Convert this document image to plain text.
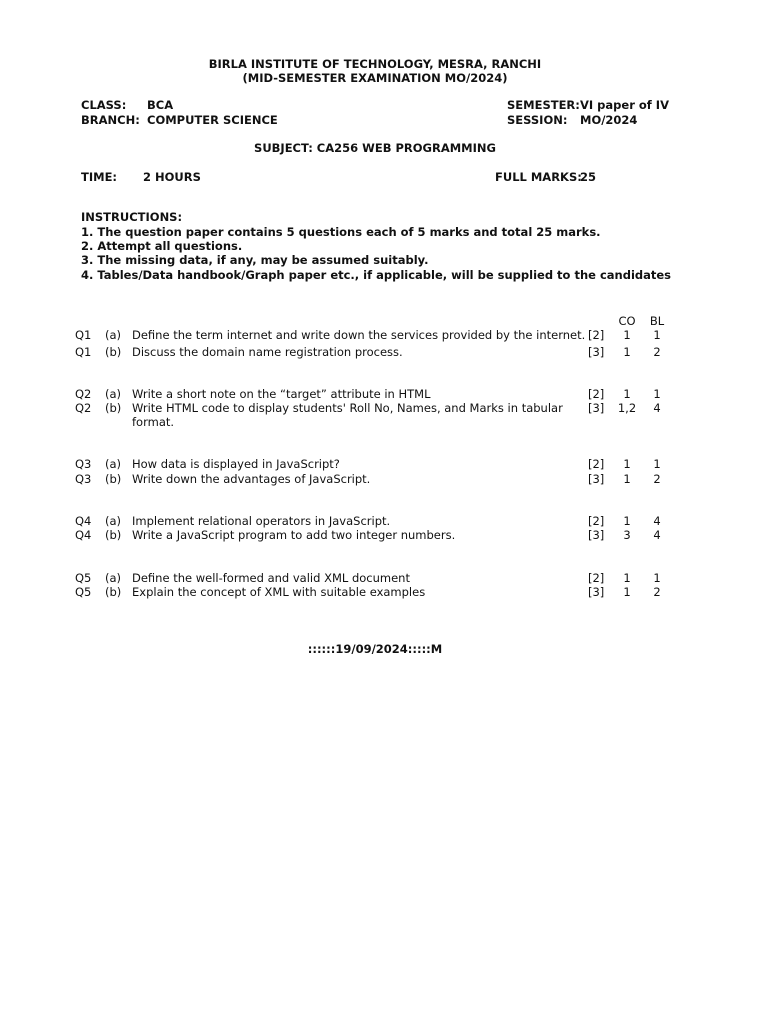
BIRLA INSTITUTE OF TECHNOLOGY, MESRA, RANCHI
(MID-SEMESTER EXAMINATION MO/2024)
CLASS: BCA
BRANCH: COMPUTER SCIENCE
SEMESTER: VI paper of IV
SESSION: MO/2024
SUBJECT: CA256 WEB PROGRAMMING
TIME: 2 HOURS	FULL MARKS:
25
INSTRUCTIONS:
1. The question paper contains 5 questions each of 5 marks and total 25 marks.
2. Attempt all questions.
3. The missing data, if any, may be assumed suitably.
4. Tables/Data handbook/Graph paper etc., if applicable, will be supplied to the candidates
CO	BL
Q1 (a) Define the term internet and write down the services provided by the internet. [2]	1	1
Q1 (b) Discuss the domain name registration process.	[3]	1	2
Q2 (a) Write a short note on the “target” attribute in HTML	[2]	1	1
Q2 (b) Write HTML code to display students' Roll No, Names, and Marks in tabular
format.
[3]	1,2	4
Q3 (a) How data is displayed in JavaScript?	[2]	1	1
Q3 (b) Write down the advantages of JavaScript.	[3]	1	2
Q4 (a) Implement relational operators in JavaScript.	[2]	1	4
Q4 (b) Write a JavaScript program to add two integer numbers.	[3]	3	4
Q5 (a) Define the well-formed and valid XML document	[2]	1	1
Q5 (b) Explain the concept of XML with suitable examples	[3]	1	2
::::::19/09/2024:::::M
